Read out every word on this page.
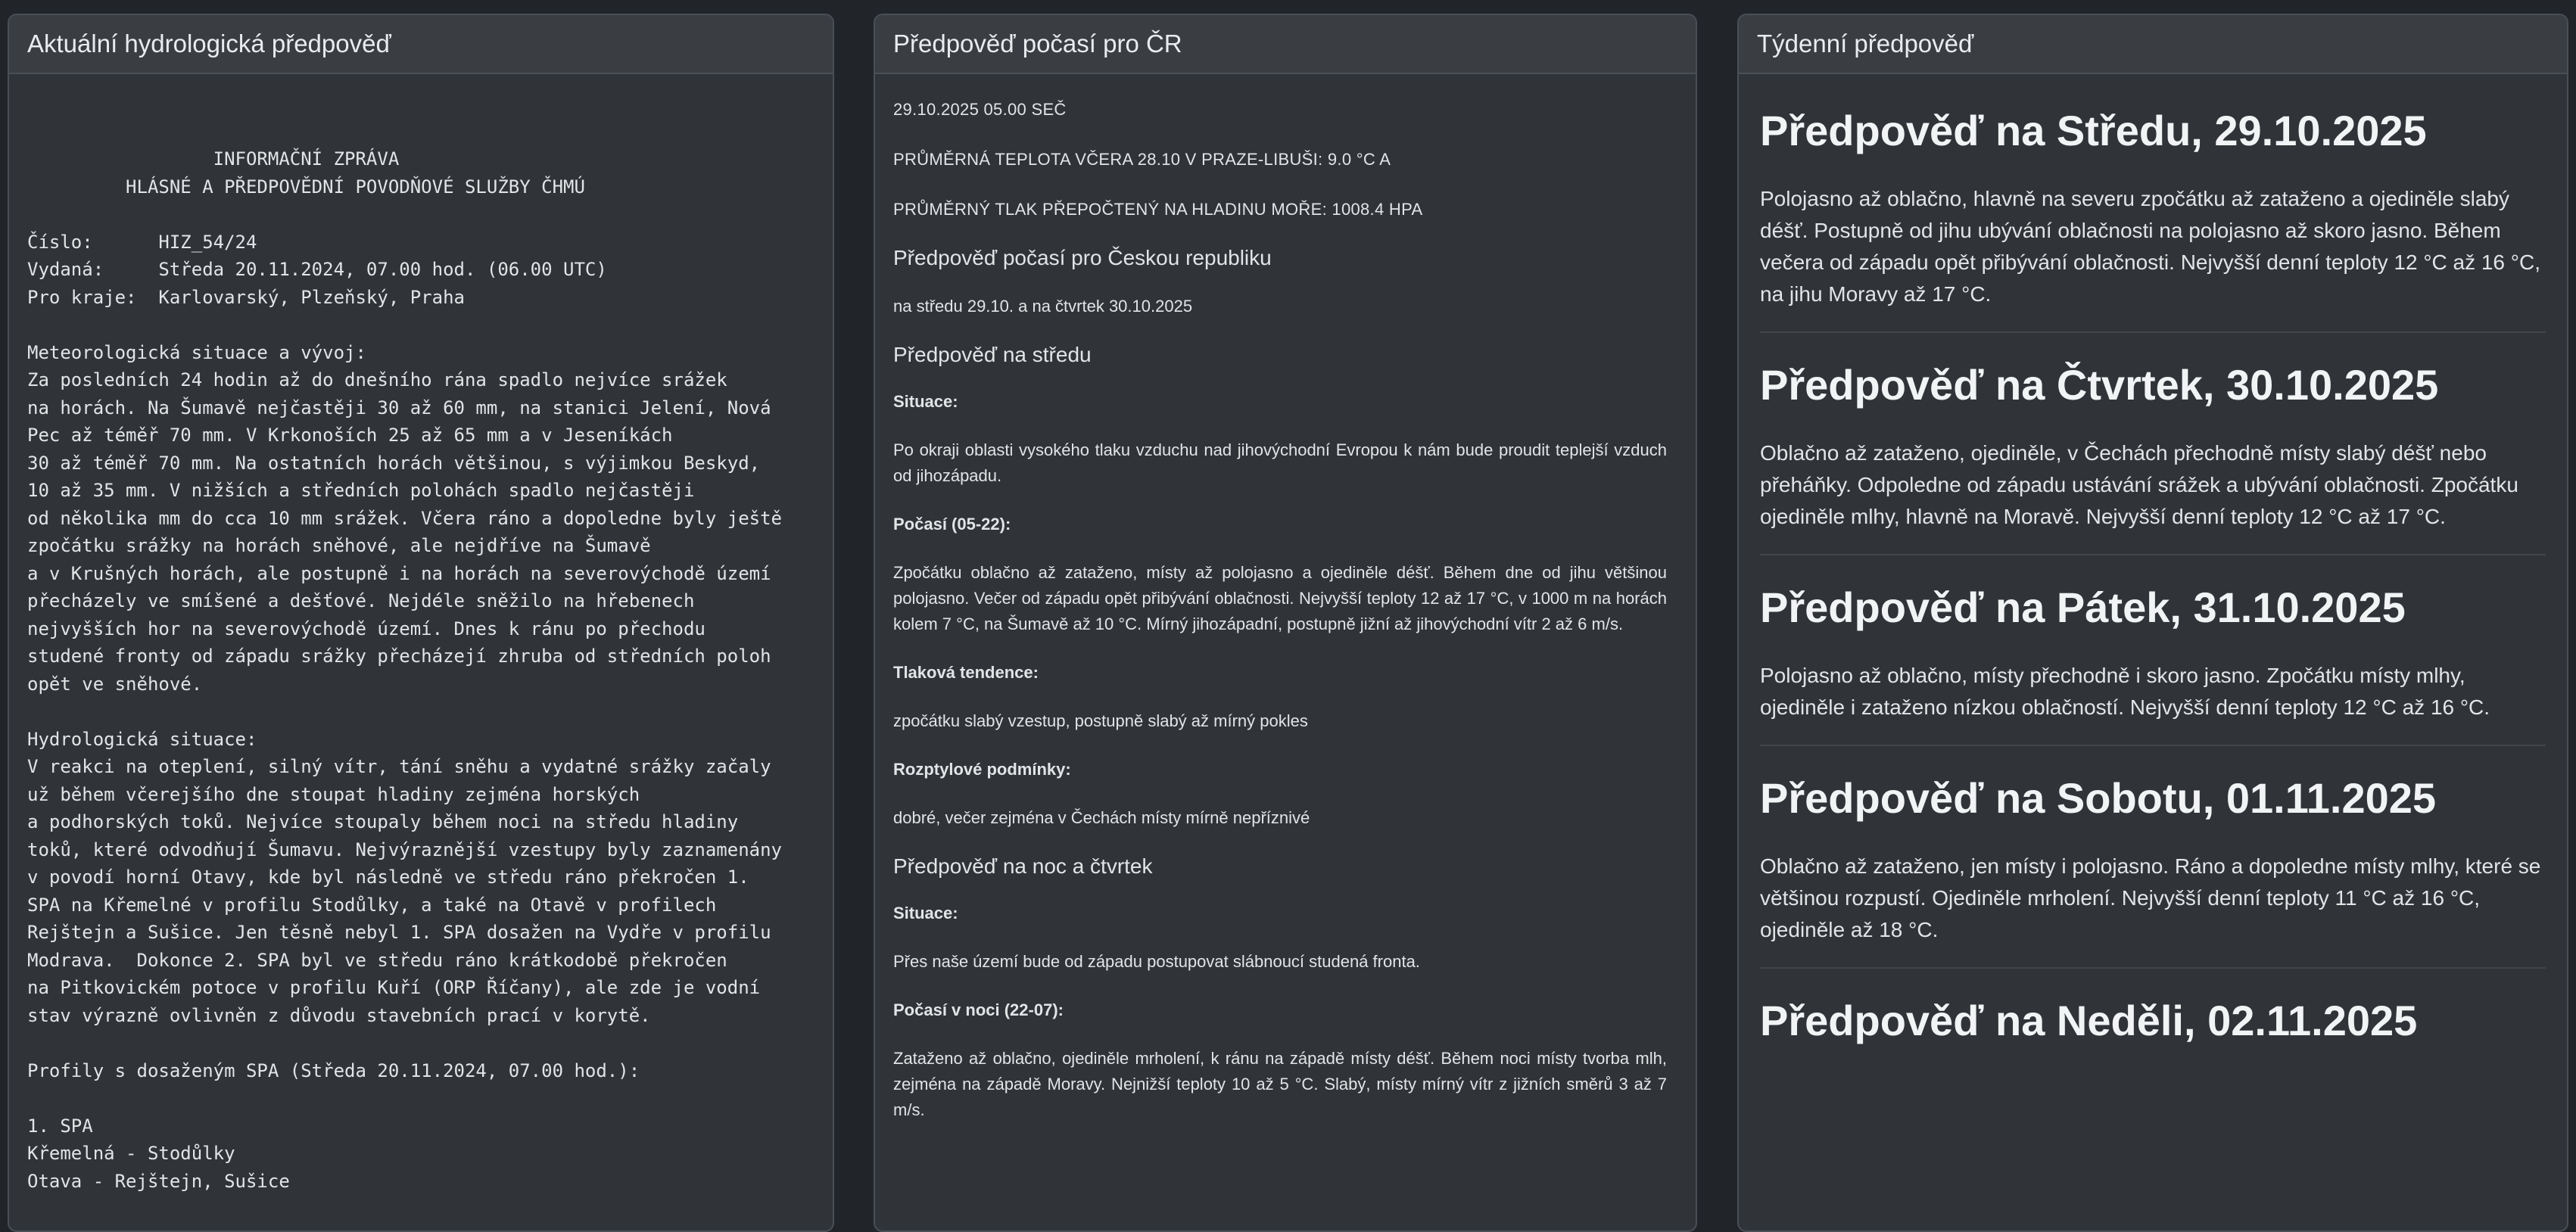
Aktuální hydrologická předpověď
INFORMAČNÍ ZPRÁVA
HLÁSNÉ A PŘEDPOVĚDNÍ POVODŇOVÉ SLUŽBY ČHMÚ

Číslo:      HIZ_54/24
Vydaná:     Středa 20.11.2024, 07.00 hod. (06.00 UTC)
Pro kraje:  Karlovarský, Plzeňský, Praha

Meteorologická situace a vývoj:
Za posledních 24 hodin až do dnešního rána spadlo nejvíce srážek
na horách. Na Šumavě nejčastěji 30 až 60 mm, na stanici Jelení, Nová
Pec až téměř 70 mm. V Krkonoších 25 až 65 mm a v Jeseníkách
30 až téměř 70 mm. Na ostatních horách většinou, s výjimkou Beskyd,
10 až 35 mm. V nižších a středních polohách spadlo nejčastěji
od několika mm do cca 10 mm srážek. Včera ráno a dopoledne byly ještě
zpočátku srážky na horách sněhové, ale nejdříve na Šumavě
a v Krušných horách, ale postupně i na horách na severovýchodě území
přecházely ve smíšené a dešťové. Nejdéle sněžilo na hřebenech
nejvyšších hor na severovýchodě území. Dnes k ránu po přechodu
studené fronty od západu srážky přecházejí zhruba od středních poloh
opět ve sněhové.

Hydrologická situace:
V reakci na oteplení, silný vítr, tání sněhu a vydatné srážky začaly
už během včerejšího dne stoupat hladiny zejména horských
a podhorských toků. Nejvíce stoupaly během noci na středu hladiny
toků, které odvodňují Šumavu. Nejvýraznější vzestupy byly zaznamenány
v povodí horní Otavy, kde byl následně ve středu ráno překročen 1.
SPA na Křemelné v profilu Stodůlky, a také na Otavě v profilech
Rejštejn a Sušice. Jen těsně nebyl 1. SPA dosažen na Vydře v profilu
Modrava.  Dokonce 2. SPA byl ve středu ráno krátkodobě překročen
na Pitkovickém potoce v profilu Kuří (ORP Říčany), ale zde je vodní
stav výrazně ovlivněn z důvodu stavebních prací v korytě.

Profily s dosaženým SPA (Středa 20.11.2024, 07.00 hod.):

1. SPA
Křemelná - Stodůlky
Otava - Rejštejn, Sušice
Předpověď počasí pro ČR

29.10.2025 05.00 SEČ

PRŮMĚRNÁ TEPLOTA VČERA 28.10 V PRAZE-LIBUŠI: 9.0 °C A

PRŮMĚRNÝ TLAK PŘEPOČTENÝ NA HLADINU MOŘE: 1008.4 HPA

Předpověď počasí pro Českou republiku

na středu 29.10. a na čtvrtek 30.10.2025

Předpověď na středu

Situace:

Po okraji oblasti vysokého tlaku vzduchu nad jihovýchodní Evropou k nám bude proudit teplejší vzduch od jihozápadu.

Počasí (05-22):

Zpočátku oblačno až zataženo, místy až polojasno a ojediněle déšť. Během dne od jihu většinou polojasno. Večer od západu opět přibývání oblačnosti. Nejvyšší teploty 12 až 17 °C, v 1000 m na horách kolem 7 °C, na Šumavě až 10 °C. Mírný jihozápadní, postupně jižní až jihovýchodní vítr 2 až 6 m/s.

Tlaková tendence:

zpočátku slabý vzestup, postupně slabý až mírný pokles

Rozptylové podmínky:

dobré, večer zejména v Čechách místy mírně nepříznivé

Předpověď na noc a čtvrtek

Situace:

Přes naše území bude od západu postupovat slábnoucí studená fronta.

Počasí v noci (22-07):

Zataženo až oblačno, ojediněle mrholení, k ránu na západě místy déšť. Během noci místy tvorba mlh, zejména na západě Moravy. Nejnižší teploty 10 až 5 °C. Slabý, místy mírný vítr z jižních směrů 3 až 7 m/s.

Týdenní předpověď
Předpověď na Středu, 29.10.2025

Polojasno až oblačno, hlavně na severu zpočátku až zataženo a ojediněle slabý déšť. Postupně od jihu ubývání oblačnosti na polojasno až skoro jasno. Během večera od západu opět přibývání oblačnosti. Nejvyšší denní teploty 12 °C až 16 °C, na jihu Moravy až 17 °C.

Předpověď na Čtvrtek, 30.10.2025

Oblačno až zataženo, ojediněle, v Čechách přechodně místy slabý déšť nebo přeháňky. Odpoledne od západu ustávání srážek a ubývání oblačnosti. Zpočátku ojediněle mlhy, hlavně na Moravě. Nejvyšší denní teploty 12 °C až 17 °C.

Předpověď na Pátek, 31.10.2025

Polojasno až oblačno, místy přechodně i skoro jasno. Zpočátku místy mlhy, ojediněle i zataženo nízkou oblačností. Nejvyšší denní teploty 12 °C až 16 °C.

Předpověď na Sobotu, 01.11.2025

Oblačno až zataženo, jen místy i polojasno. Ráno a dopoledne místy mlhy, které se většinou rozpustí. Ojediněle mrholení. Nejvyšší denní teploty 11 °C až 16 °C, ojediněle až 18 °C.

Předpověď na Neděli, 02.11.2025
